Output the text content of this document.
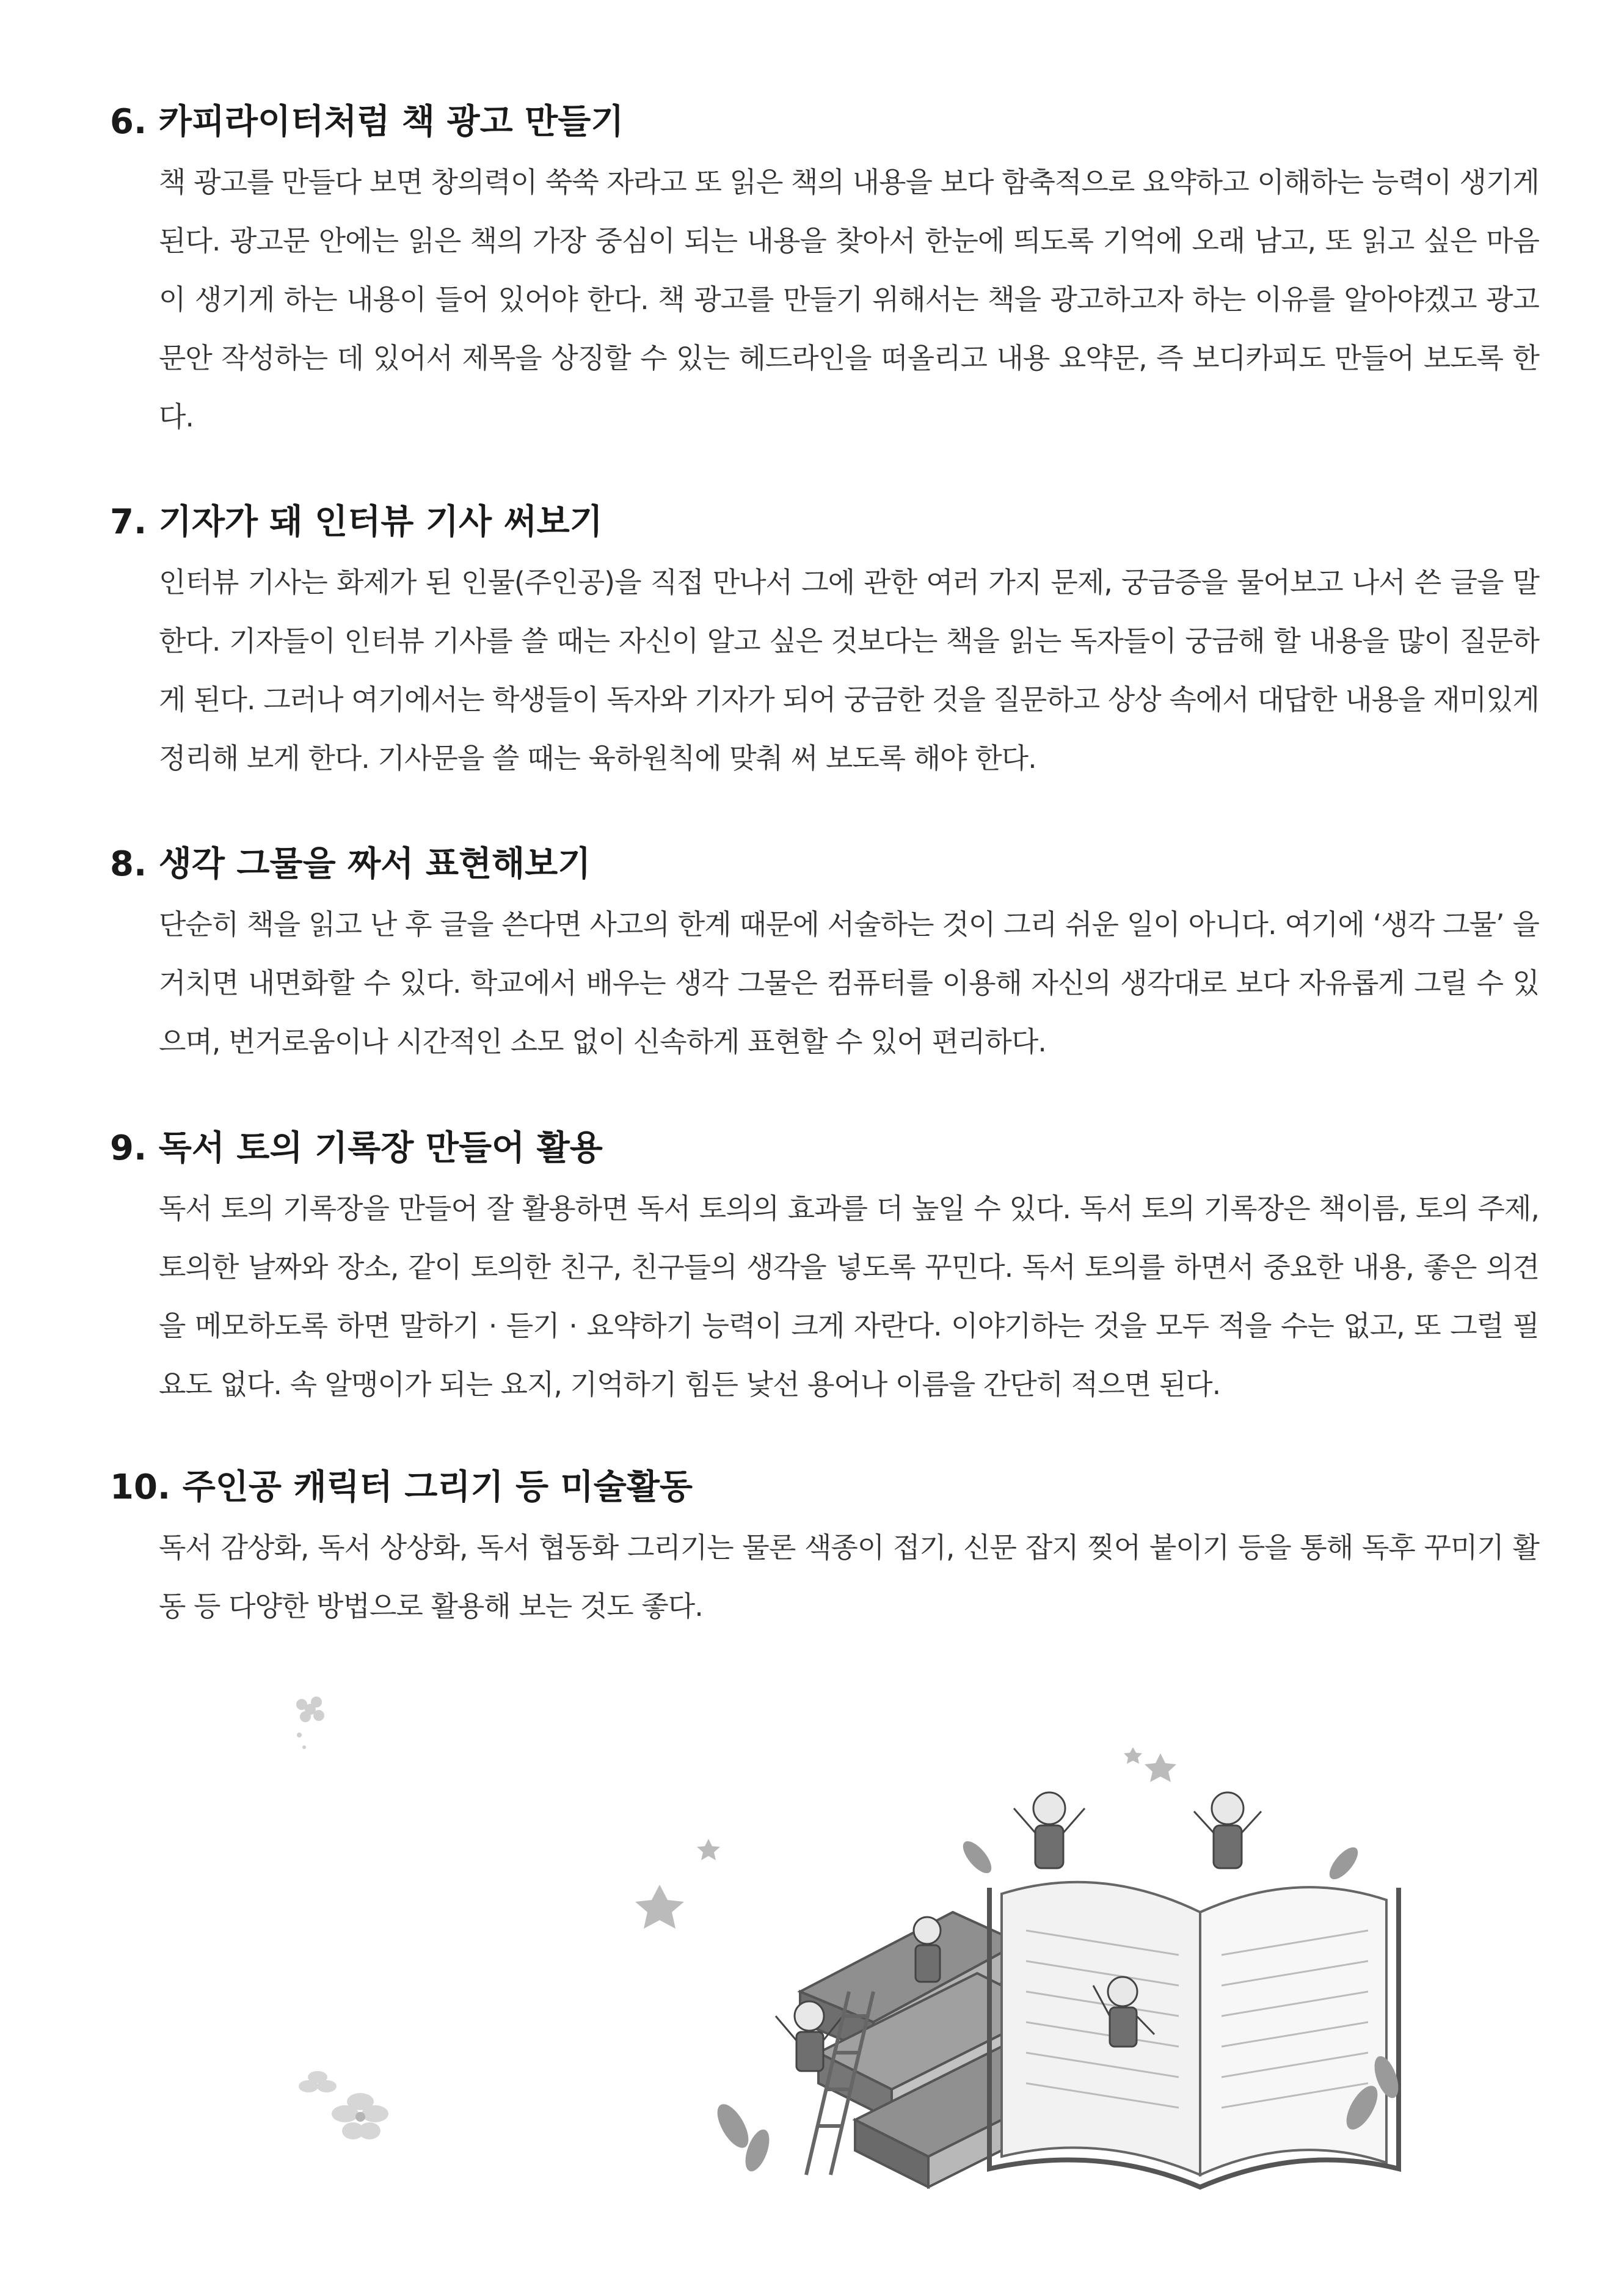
6. 카피라이터처럼 책 광고 만들기

책 광고를 만들다 보면 창의력이 쑥쑥 자라고 또 읽은 책의 내용을 보다 함축적으로 요약하고 이해하는 능력이 생기게 된다. 광고문 안에는 읽은 책의 가장 중심이 되는 내용을 찾아서 한눈에 띄도록 기억에 오래 남고, 또 읽고 싶은 마음이 생기게 하는 내용이 들어 있어야 한다. 책 광고를 만들기 위해서는 책을 광고하고자 하는 이유를 알아야겠고 광고 문안 작성하는 데 있어서 제목을 상징할 수 있는 헤드라인을 떠올리고 내용 요약문, 즉 보디카피도 만들어 보도록 한다.

7. 기자가 돼 인터뷰 기사 써보기

인터뷰 기사는 화제가 된 인물(주인공)을 직접 만나서 그에 관한 여러 가지 문제, 궁금증을 물어보고 나서 쓴 글을 말한다. 기자들이 인터뷰 기사를 쓸 때는 자신이 알고 싶은 것보다는 책을 읽는 독자들이 궁금해 할 내용을 많이 질문하게 된다. 그러나 여기에서는 학생들이 독자와 기자가 되어 궁금한 것을 질문하고 상상 속에서 대답한 내용을 재미있게 정리해 보게 한다. 기사문을 쓸 때는 육하원칙에 맞춰 써 보도록 해야 한다.

8. 생각 그물을 짜서 표현해보기

단순히 책을 읽고 난 후 글을 쓴다면 사고의 한계 때문에 서술하는 것이 그리 쉬운 일이 아니다. 여기에 ‘생각 그물’ 을 거치면 내면화할 수 있다. 학교에서 배우는 생각 그물은 컴퓨터를 이용해 자신의 생각대로 보다 자유롭게 그릴 수 있으며, 번거로움이나 시간적인 소모 없이 신속하게 표현할 수 있어 편리하다.

9. 독서 토의 기록장 만들어 활용

독서 토의 기록장을 만들어 잘 활용하면 독서 토의의 효과를 더 높일 수 있다. 독서 토의 기록장은 책이름, 토의 주제, 토의한 날짜와 장소, 같이 토의한 친구, 친구들의 생각을 넣도록 꾸민다. 독서 토의를 하면서 중요한 내용, 좋은 의견을 메모하도록 하면 말하기 · 듣기 · 요약하기 능력이 크게 자란다. 이야기하는 것을 모두 적을 수는 없고, 또 그럴 필요도 없다. 속 알맹이가 되는 요지, 기억하기 힘든 낯선 용어나 이름을 간단히 적으면 된다.

10. 주인공 캐릭터 그리기 등 미술활동

독서 감상화, 독서 상상화, 독서 협동화 그리기는 물론 색종이 접기, 신문 잡지 찢어 붙이기 등을 통해 독후 꾸미기 활동 등 다양한 방법으로 활용해 보는 것도 좋다.
